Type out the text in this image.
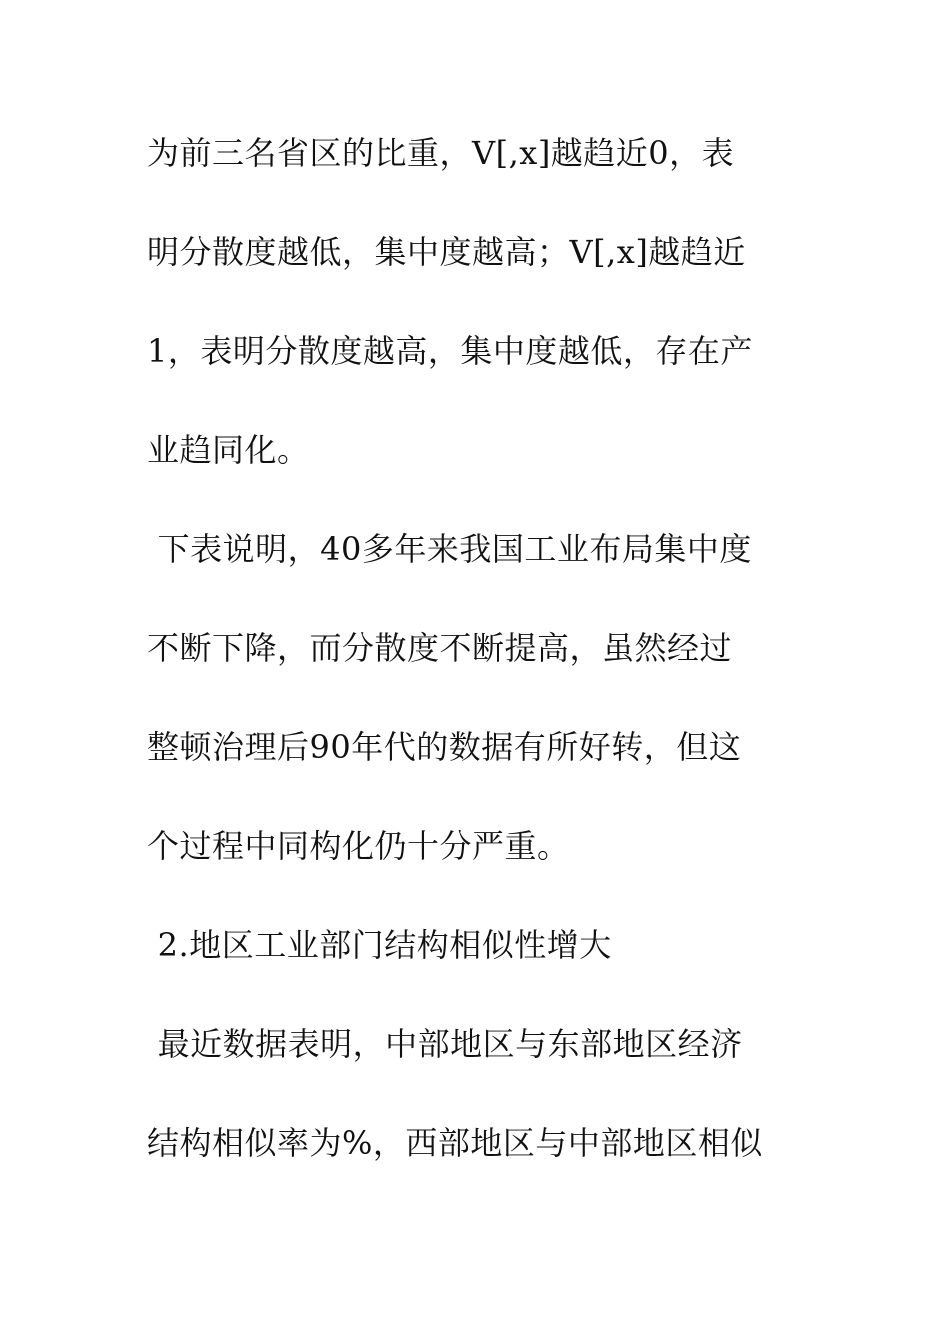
为前三名省区的比重，V[,x]越趋近0，表
明分散度越低，集中度越高；V[,x]越趋近
1，表明分散度越高，集中度越低，存在产
业趋同化。
下表说明，40多年来我国工业布局集中度
不断下降，而分散度不断提高，虽然经过
整顿治理后90年代的数据有所好转，但这
个过程中同构化仍十分严重。
2.地区工业部门结构相似性增大
最近数据表明，中部地区与东部地区经济
结构相似率为%，西部地区与中部地区相似
